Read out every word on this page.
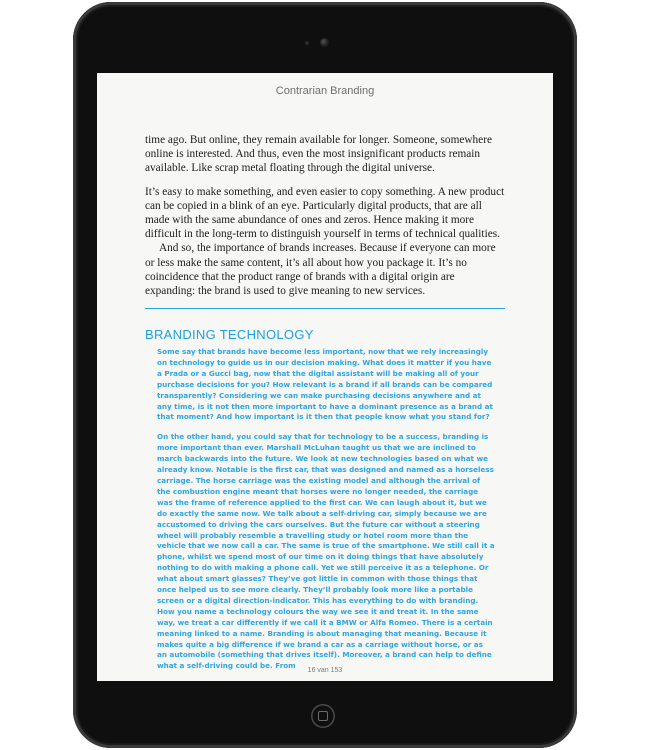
Contrarian Branding

time ago. But online, they remain available for longer. Someone, somewhere online is interested. And thus, even the most insignificant products remain available. Like scrap metal floating through the digital universe.

It’s easy to make something, and even easier to copy something. A new product can be copied in a blink of an eye. Particularly digital products, that are all made with the same abundance of ones and zeros. Hence making it more difficult in the long-term to distinguish yourself in terms of technical qualities.

And so, the importance of brands increases. Because if everyone can more or less make the same content, it’s all about how you package it. It’s no coincidence that the product range of brands with a digital origin are expanding: the brand is used to give meaning to new services.

BRANDING TECHNOLOGY

Some say that brands have become less important, now that we rely increasingly on technology to guide us in our decision making. What does it matter if you have a Prada or a Gucci bag, now that the digital assistant will be making all of your purchase decisions for you? How relevant is a brand if all brands can be compared transparently? Considering we can make purchasing decisions anywhere and at any time, is it not then more important to have a dominant presence as a brand at that moment? And how important is it then that people know what you stand for?

On the other hand, you could say that for technology to be a success, branding is more important than ever. Marshall McLuhan taught us that we are inclined to march backwards into the future. We look at new technologies based on what we already know. Notable is the first car, that was designed and named as a horseless carriage. The horse carriage was the existing model and although the arrival of the combustion engine meant that horses were no longer needed, the carriage was the frame of reference applied to the first car. We can laugh about it, but we do exactly the same now. We talk about a self-driving car, simply because we are accustomed to driving the cars ourselves. But the future car without a steering wheel will probably resemble a travelling study or hotel room more than the vehicle that we now call a car. The same is true of the smartphone. We still call it a phone, whilst we spend most of our time on it doing things that have absolutely nothing to do with making a phone call. Yet we still perceive it as a telephone. Or what about smart glasses? They’ve got little in common with those things that once helped us to see more clearly. They’ll probably look more like a portable screen or a digital direction-indicator. This has everything to do with branding. How you name a technology colours the way we see it and treat it. In the same way, we treat a car differently if we call it a BMW or Alfa Romeo. There is a certain meaning linked to a name. Branding is about managing that meaning. Because it makes quite a big difference if we brand a car as a carriage without horse, or as an automobile (something that drives itself). Moreover, a brand can help to define what a self-driving could be. From

16 van 153
